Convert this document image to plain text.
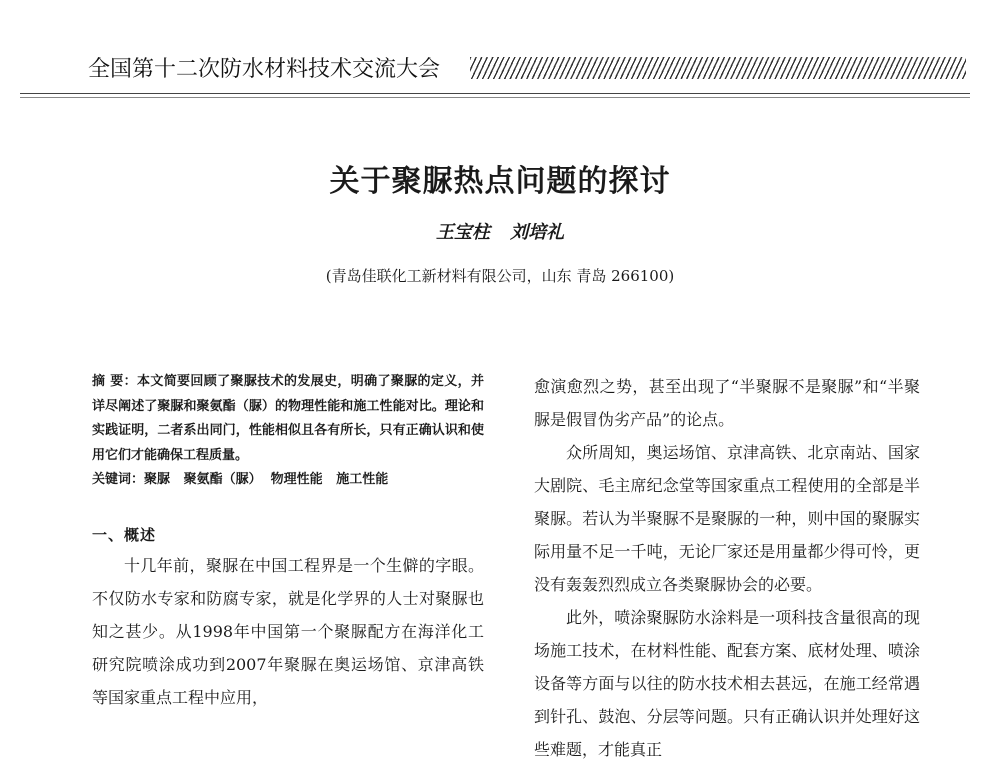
全国第十二次防水材料技术交流大会
关于聚脲热点问题的探讨
王宝柱 刘培礼
(青岛佳联化工新材料有限公司，山东 青岛 266100)

摘 要：本文简要回顾了聚脲技术的发展史，明确了聚脲的定义，并详尽阐述了聚脲和聚氨酯（脲）的物理性能和施工性能对比。理论和实践证明，二者系出同门，性能相似且各有所长，只有正确认识和使用它们才能确保工程质量。

关键词：聚脲   聚氨酯（脲）  物理性能   施工性能

一、概述

十几年前，聚脲在中国工程界是一个生僻的字眼。不仅防水专家和防腐专家，就是化学界的人士对聚脲也知之甚少。从1998年中国第一个聚脲配方在海洋化工研究院喷涂成功到2007年聚脲在奥运场馆、京津高铁等国家重点工程中应用，

愈演愈烈之势，甚至出现了“半聚脲不是聚脲”和“半聚脲是假冒伪劣产品”的论点。

众所周知，奥运场馆、京津高铁、北京南站、国家大剧院、毛主席纪念堂等国家重点工程使用的全部是半聚脲。若认为半聚脲不是聚脲的一种，则中国的聚脲实际用量不足一千吨，无论厂家还是用量都少得可怜，更没有轰轰烈烈成立各类聚脲协会的必要。

此外，喷涂聚脲防水涂料是一项科技含量很高的现场施工技术，在材料性能、配套方案、底材处理、喷涂设备等方面与以往的防水技术相去甚远，在施工经常遇到针孔、鼓泡、分层等问题。只有正确认识并处理好这些难题，才能真正
